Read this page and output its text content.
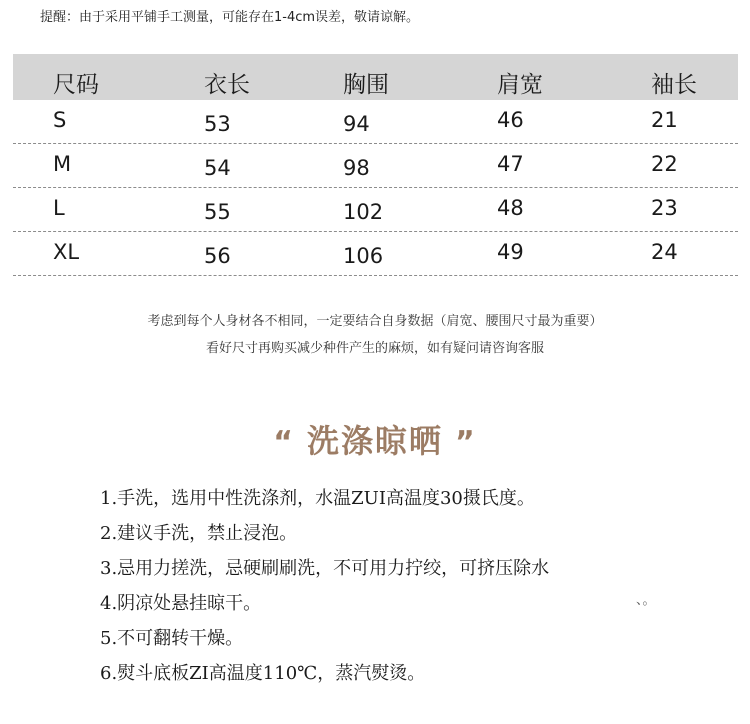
提醒：由于采用平铺手工测量，可能存在1-4cm误差，敬请谅解。
尺码	衣长	胸围	肩宽	袖长
S	53	94	46	21
M	54	98	47	22
L	55	102	48	23
XL	56	106	49	24
考虑到每个人身材各不相同，一定要结合自身数据（肩宽、腰围尺寸最为重要）
看好尺寸再购买减少种件产生的麻烦，如有疑问请咨询客服
“ 洗涤晾晒 ”
1.手洗，选用中性洗涤剂，水温ZUI高温度30摄氏度。
2.建议手洗，禁止浸泡。
3.忌用力搓洗，忌硬刷刷洗，不可用力拧绞，可挤压除水
4.阴凉处悬挂晾干。
5.不可翻转干燥。
6.熨斗底板ZI高温度110℃，蒸汽熨烫。
、。
